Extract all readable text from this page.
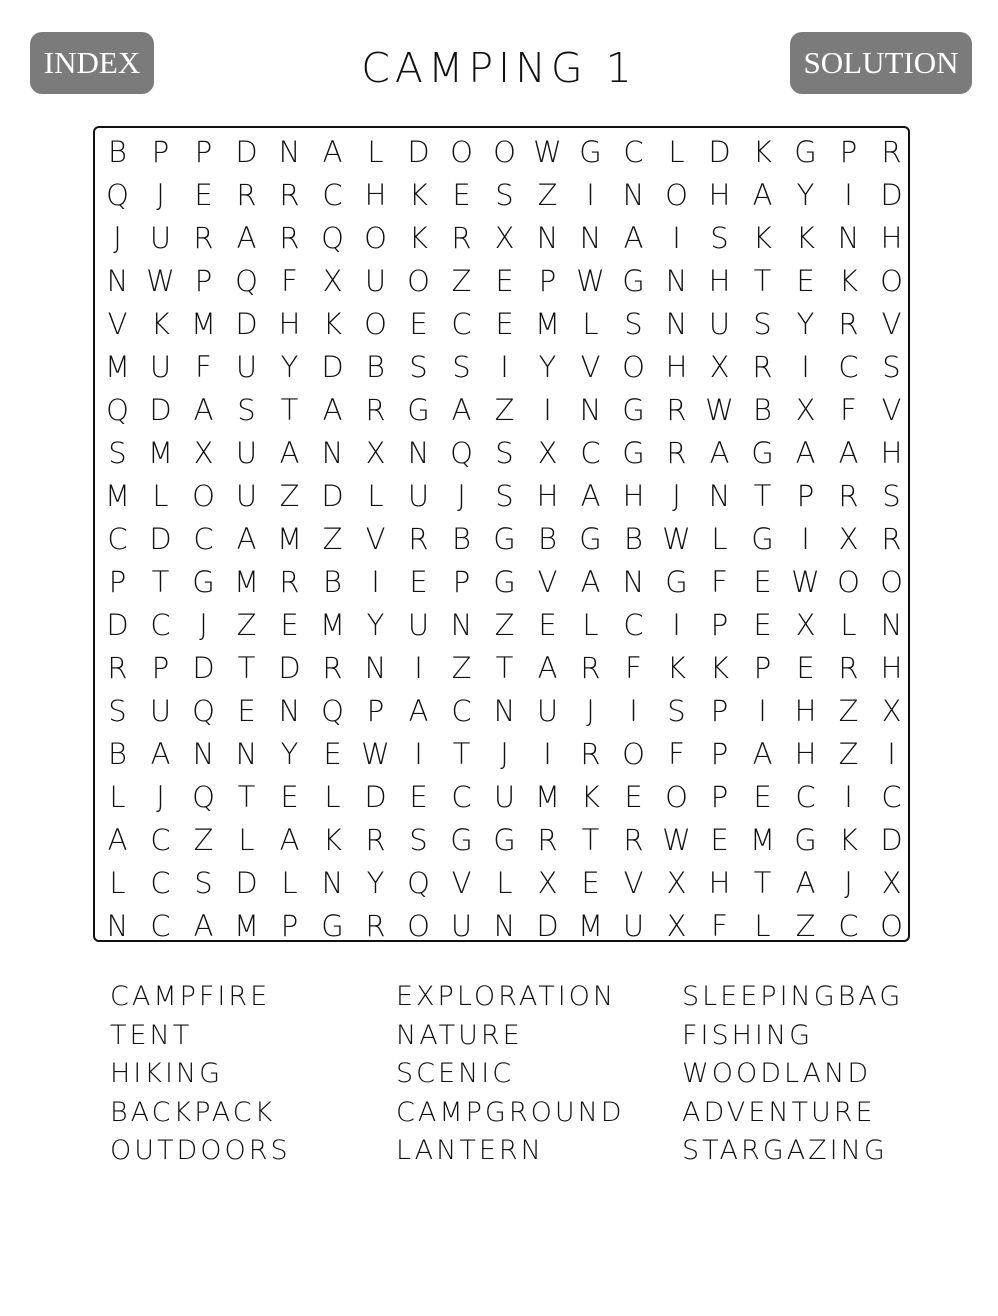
INDEX	CAMPING 1	SOLUTION
B P P D N A L D O O W G C L D K G P R
Q J	E R R C H K E S Z I N O H A Y	I D
J U R A R Q O K R X N N A I	S K K N H
N W P Q F X U O Z E P W G N H T E K O
V K M D H K O E C E M L S N U S Y R V
M U F U Y D B S S	I	Y V O H X R I C S
Q D A S T A R G A Z I N G R W B X F V
S M X U A N X N Q S X C G R A G A A H
M L O U Z D L U J	S H A H J N T P R S
C D C A M Z V R B G B G B W L G I X R
P T G M R B	I	E P G V A N G F E W O O
D C J Z E M Y U N Z E L C I	P E X L N
R P D T D R N I Z T A R F K K P E R H
S U Q E N Q P A C N U J	I	S P	I H Z X
B A N N Y E W I	T	J	I R O F P A H Z I
L	J Q T E L D E C U M K E O P E C I C
A C Z L A K R S G G R T R W E M G K D
L C S D L N Y Q V L X E V X H T A J X
N C A M P G R O U N D M U X F L Z C O
CAMPFIRE
TENT
HIKING
BACKPACK
OUTDOORS
EXPLORATION
NATURE
SCENIC
CAMPGROUND
LANTERN
SLEEPINGBAG
FISHING
WOODLAND
ADVENTURE
STARGAZING
